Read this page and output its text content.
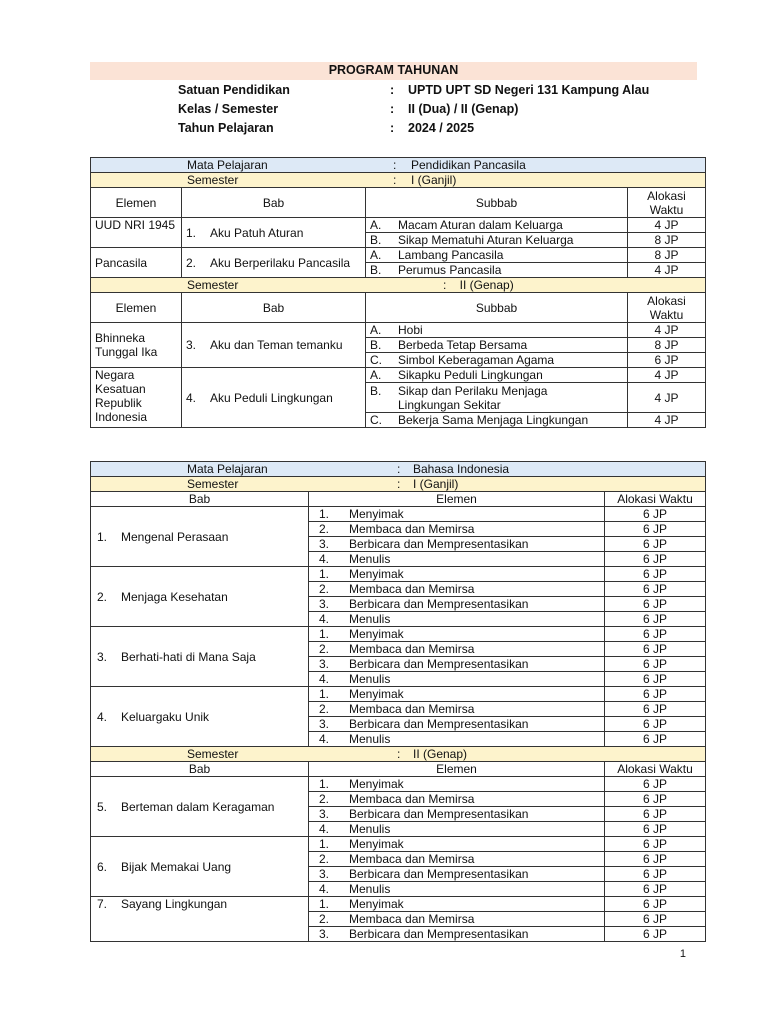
PROGRAM TAHUNAN
Satuan Pendidikan	: UPTD UPT SD Negeri 131 Kampung Alau
Kelas / Semester	: II (Dua) / II (Genap)
Tahun Pelajaran	: 2024 / 2025
Mata Pelajaran : Pendidikan Pancasila			

Semester : I (Ganjil)			

Elemen	Bab	Subbab	Alokasi Waktu
UUD NRI 1945	1. Aku Patuh Aturan	A. Macam Aturan dalam Keluarga	4 JP
		B. Sikap Mematuhi Aturan Keluarga	8 JP
Pancasila	2. Aku Berperilaku Pancasila	A. Lambang Pancasila	8 JP
		B. Perumus Pancasila	4 JP

Semester :    II (Genap)			

Elemen	Bab	Subbab	Alokasi Waktu
Bhinneka Tunggal Ika	3. Aku dan Teman temanku	A. Hobi	4 JP
		B. Berbeda Tetap Bersama	8 JP
		C. Simbol Keberagaman Agama	6 JP
Negara Kesatuan Republik Indonesia	4. Aku Peduli Lingkungan	A. Sikapku Peduli Lingkungan	4 JP

		B. Sikap dan Perilaku Menjaga Lingkungan Sekitar	4 JP
		C. Bekerja Sama Menjaga Lingkungan	4 JP
Mata Pelajaran : Bahasa Indonesia		

Semester : I (Ganjil)		

Bab	Elemen	Alokasi Waktu
1. Mengenal Perasaan	1. Menyimak	6 JP
	2. Membaca dan Memirsa	6 JP
	3. Berbicara dan Mempresentasikan	6 JP
	4. Menulis	6 JP
2. Menjaga Kesehatan	1. Menyimak	6 JP
	2. Membaca dan Memirsa	6 JP
	3. Berbicara dan Mempresentasikan	6 JP
	4. Menulis	6 JP
3. Berhati-hati di Mana Saja	1. Menyimak	6 JP
	2. Membaca dan Memirsa	6 JP
	3. Berbicara dan Mempresentasikan	6 JP
	4. Menulis	6 JP
4. Keluargaku Unik	1. Menyimak	6 JP
	2. Membaca dan Memirsa	6 JP
	3. Berbicara dan Mempresentasikan	6 JP
	4. Menulis	6 JP

Semester : II (Genap)		

Bab	Elemen	Alokasi Waktu
5. Berteman dalam Keragaman	1. Menyimak	6 JP
	2. Membaca dan Memirsa	6 JP
	3. Berbicara dan Mempresentasikan	6 JP
	4. Menulis	6 JP
6. Bijak Memakai Uang	1. Menyimak	6 JP
	2. Membaca dan Memirsa	6 JP
	3. Berbicara dan Mempresentasikan	6 JP
	4. Menulis	6 JP
7. Sayang Lingkungan	1. Menyimak	6 JP
	2. Membaca dan Memirsa	6 JP
	3. Berbicara dan Mempresentasikan	6 JP
1
